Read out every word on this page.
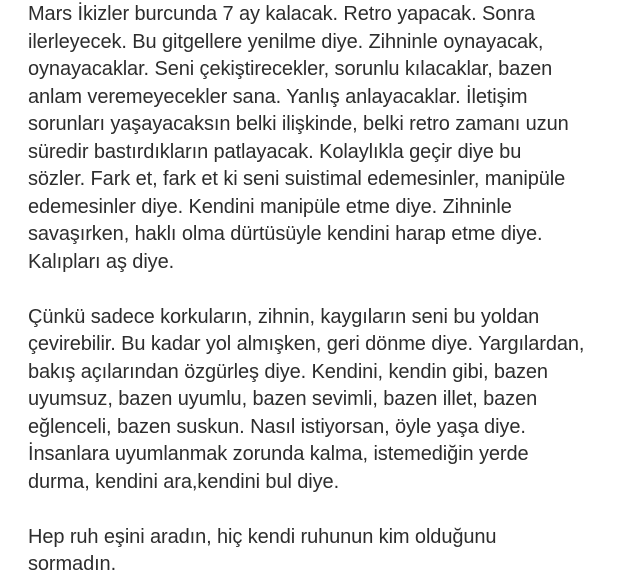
Mars İkizler burcunda 7 ay kalacak. Retro yapacak. Sonra
ilerleyecek. Bu gitgellere yenilme diye. Zihninle oynayacak,
oynayacaklar. Seni çekiştirecekler, sorunlu kılacaklar, bazen
anlam veremeyecekler sana. Yanlış anlayacaklar. İletişim
sorunları yaşayacaksın belki ilişkinde, belki retro zamanı uzun
süredir bastırdıkların patlayacak. Kolaylıkla geçir diye bu
sözler. Fark et, fark et ki seni suistimal edemesinler, manipüle
edemesinler diye. Kendini manipüle etme diye. Zihninle
savaşırken, haklı olma dürtüsüyle kendini harap etme diye.
Kalıpları aş diye.
Çünkü sadece korkuların, zihnin, kaygıların seni bu yoldan
çevirebilir. Bu kadar yol almışken, geri dönme diye. Yargılardan,
bakış açılarından özgürleş diye. Kendini, kendin gibi, bazen
uyumsuz, bazen uyumlu, bazen sevimli, bazen illet, bazen
eğlenceli, bazen suskun. Nasıl istiyorsan, öyle yaşa diye.
İnsanlara uyumlanmak zorunda kalma, istemediğin yerde
durma, kendini ara,kendini bul diye.
Hep ruh eşini aradın, hiç kendi ruhunun kim olduğunu
sormadın.
